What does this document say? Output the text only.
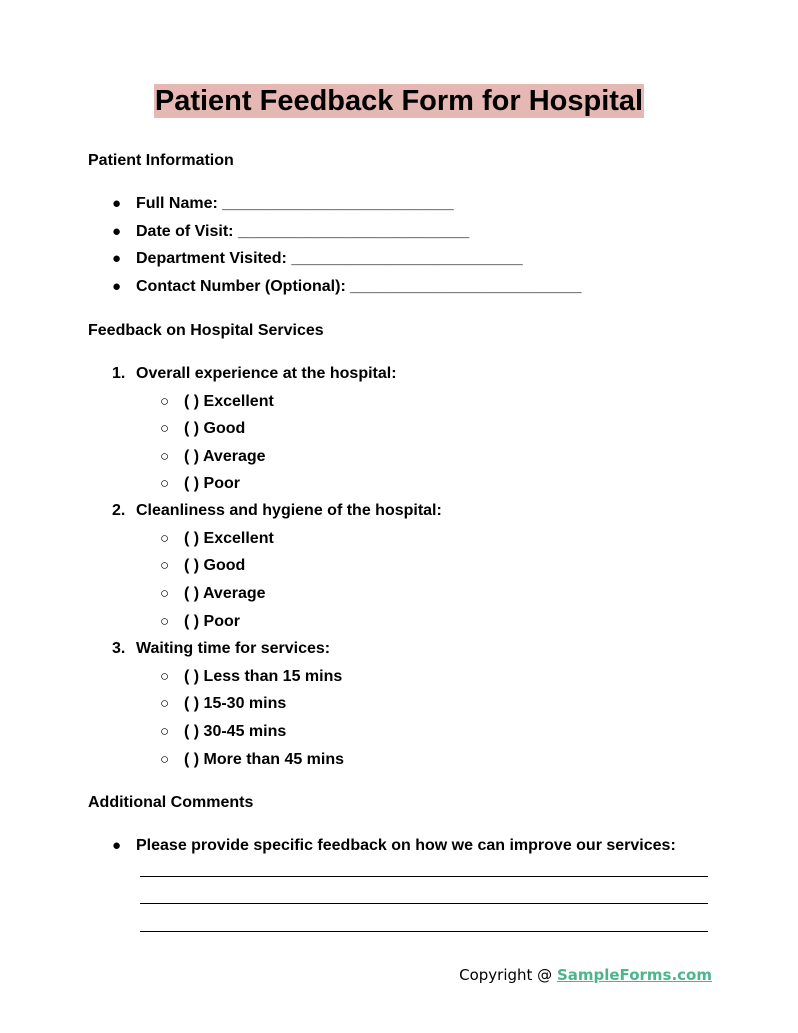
Patient Feedback Form for Hospital
Patient Information
● Full Name: __________________________
● Date of Visit: __________________________
● Department Visited: __________________________
● Contact Number (Optional): __________________________
Feedback on Hospital Services
1. Overall experience at the hospital:
○ ( ) Excellent
○ ( ) Good
○ ( ) Average
○ ( ) Poor
2. Cleanliness and hygiene of the hospital:
○ ( ) Excellent
○ ( ) Good
○ ( ) Average
○ ( ) Poor
3. Waiting time for services:
○ ( ) Less than 15 mins
○ ( ) 15-30 mins
○ ( ) 30-45 mins
○ ( ) More than 45 mins
Additional Comments
● Please provide specific feedback on how we can improve our services:
Copyright @ SampleForms.com
